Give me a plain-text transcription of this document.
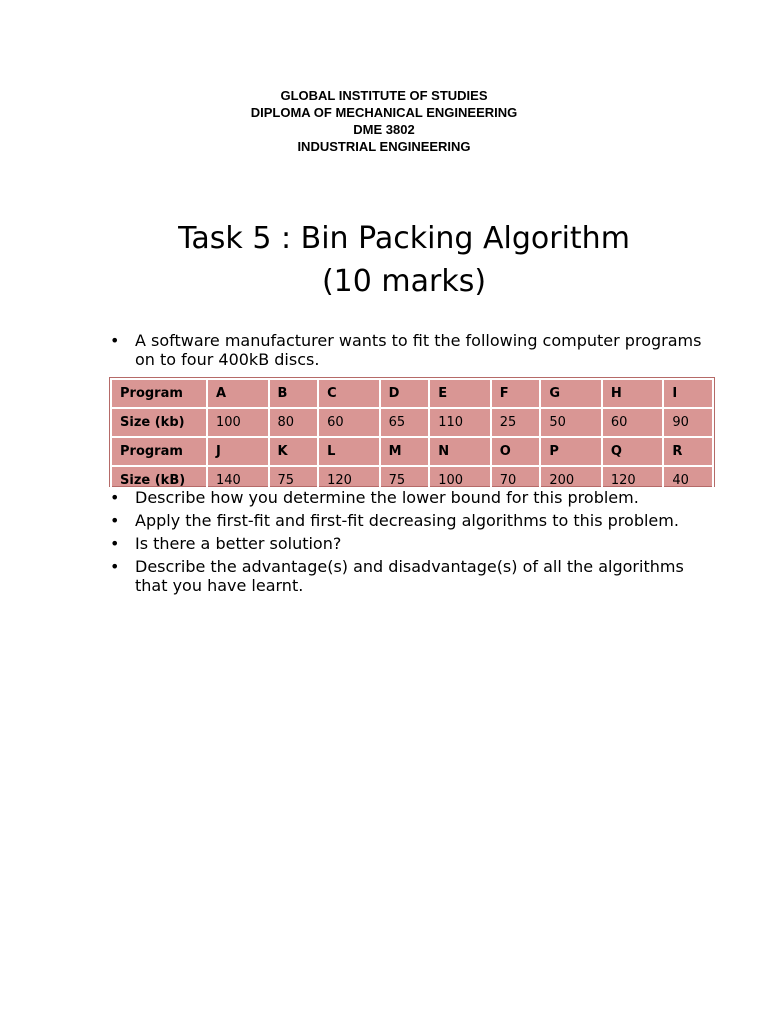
GLOBAL INSTITUTE OF STUDIES
DIPLOMA OF MECHANICAL ENGINEERING
DME 3802
INDUSTRIAL ENGINEERING
Task 5 : Bin Packing Algorithm
(10 marks)
• A software manufacturer wants to fit the following computer programs on to four 400kB discs.
Program	A	B	C	D	E	F	G	H	I
Size (kb)	100	80	60	65	110	25	50	60	90
Program	J	K	L	M	N	O	P	Q	R
Size (kB)	140	75	120	75	100	70	200	120	40
• Describe how you determine the lower bound for this problem.
• Apply the first-fit and first-fit decreasing algorithms to this problem.
• Is there a better solution?
• Describe the advantage(s) and disadvantage(s) of all the algorithms that you have learnt.
